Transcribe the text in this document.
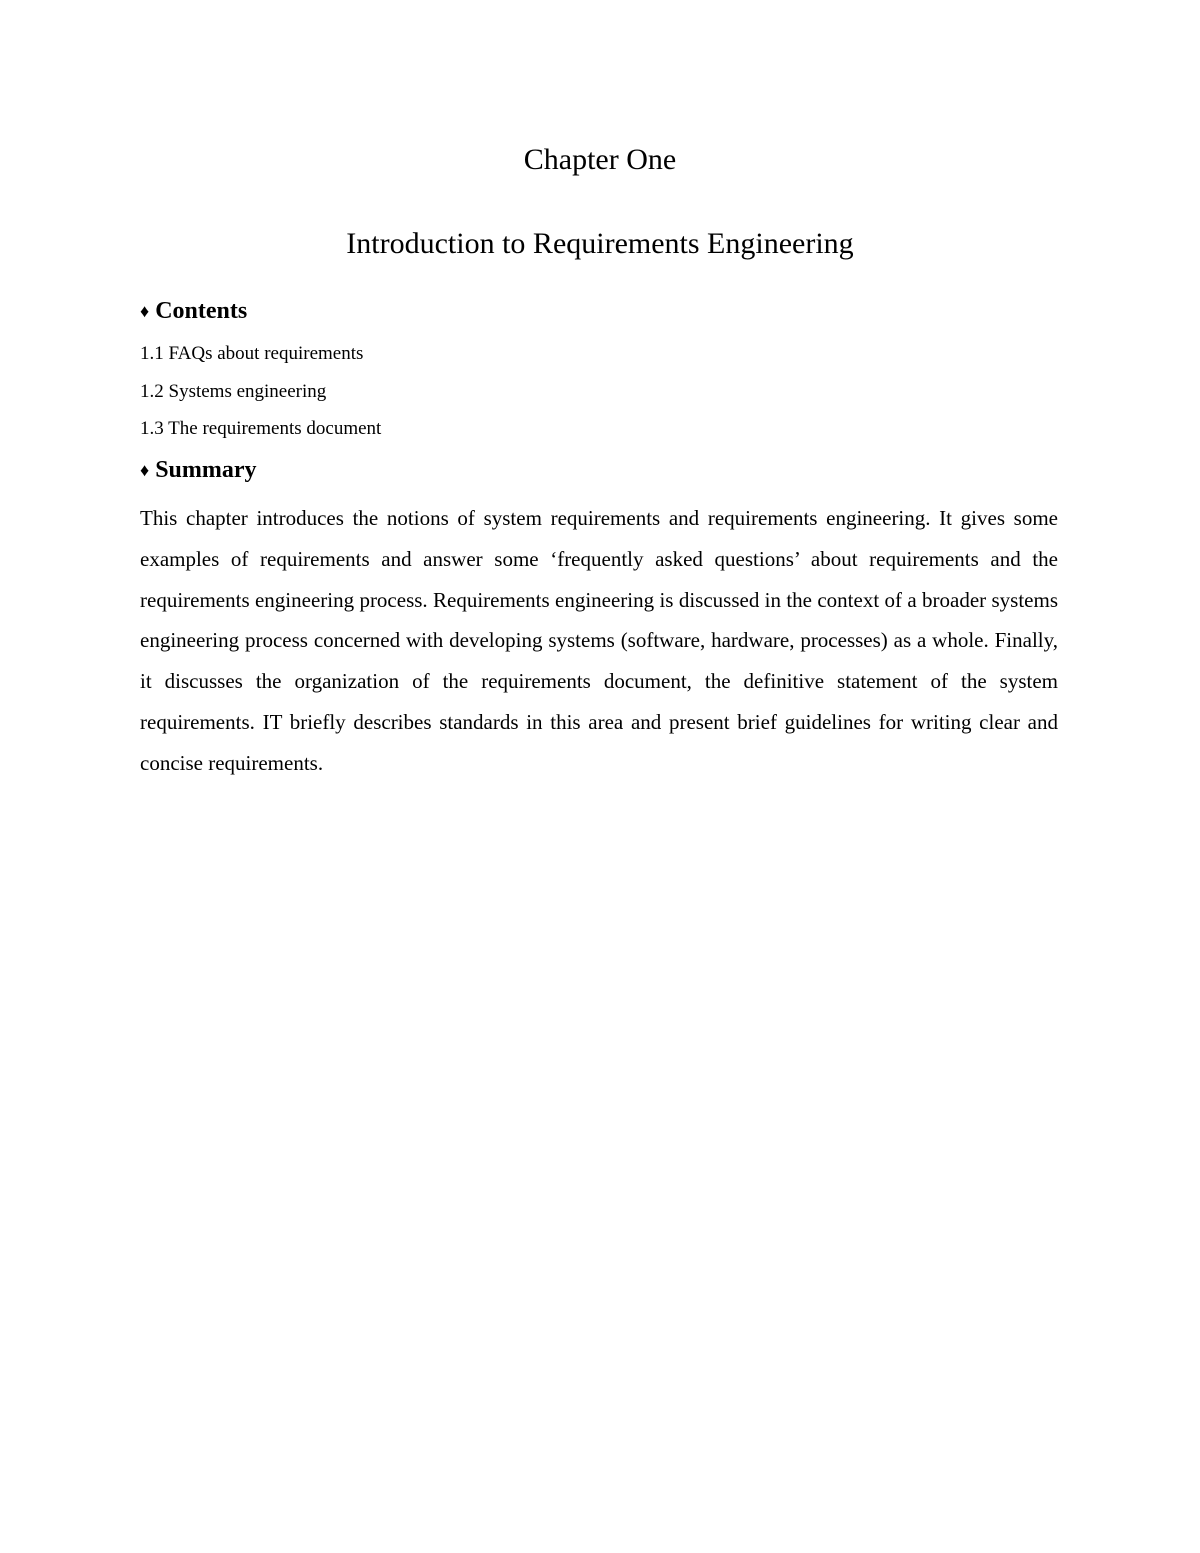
Chapter One
Introduction to Requirements Engineering
♦ Contents
1.1 FAQs about requirements
1.2 Systems engineering
1.3 The requirements document
♦ Summary

This chapter introduces the notions of system requirements and requirements engineering. It gives some examples of requirements and answer some ‘frequently asked questions’ about requirements and the requirements engineering process. Requirements engineering is discussed in the context of a broader systems engineering process concerned with developing systems (software, hardware, processes) as a whole. Finally, it discusses the organization of the requirements document, the definitive statement of the system requirements. IT briefly describes standards in this area and present brief guidelines for writing clear and concise requirements.
